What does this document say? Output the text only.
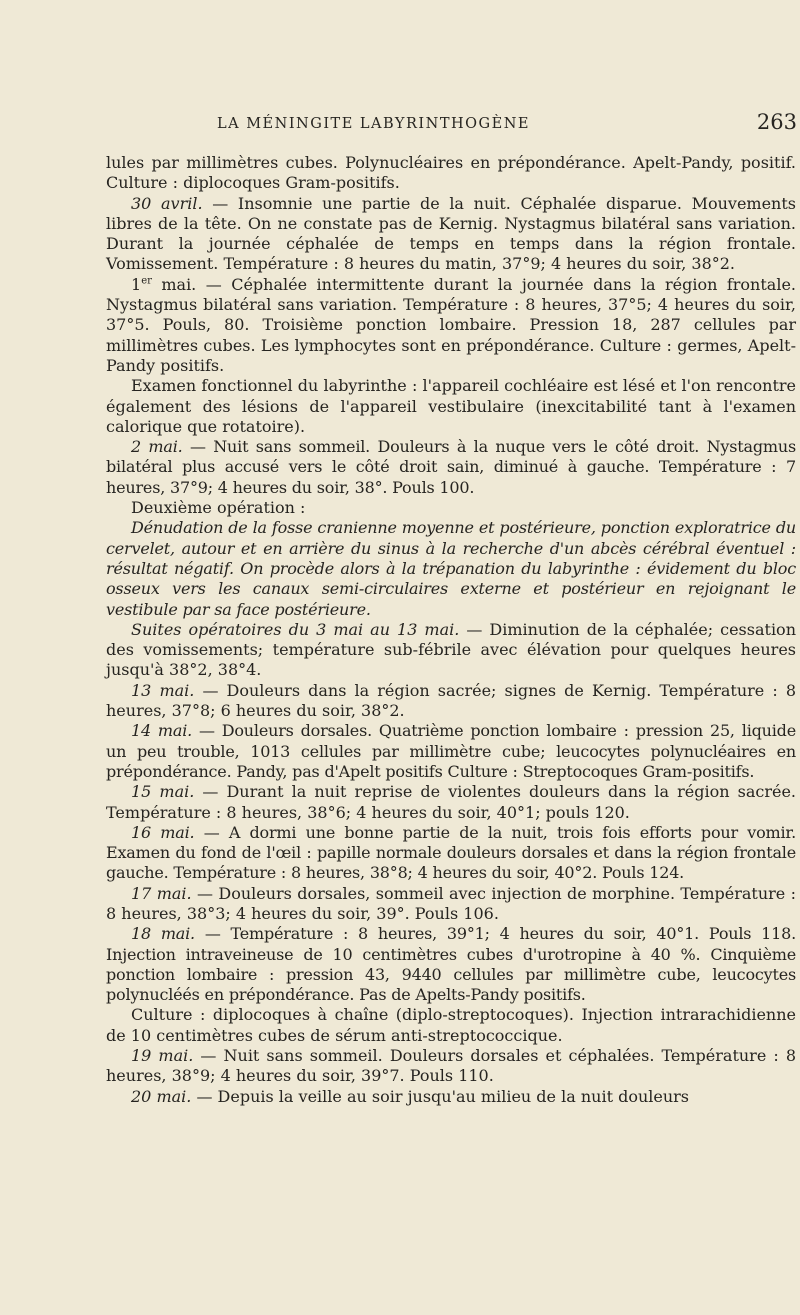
LA MÉNINGITE LABYRINTHOGÈNE	263

lules par millimètres cubes. Polynucléaires en prépondérance. Apelt-Pandy, positif. Culture : diplocoques Gram-positifs.

30 avril. — Insomnie une partie de la nuit. Céphalée disparue. Mouvements libres de la tête. On ne constate pas de Kernig. Nystagmus bilatéral sans variation. Durant la journée céphalée de temps en temps dans la région frontale. Vomissement. Température : 8 heures du matin, 37°9; 4 heures du soir, 38°2.

1er mai. — Céphalée intermittente durant la journée dans la région frontale. Nystagmus bilatéral sans variation. Température : 8 heures, 37°5; 4 heures du soir, 37°5. Pouls, 80. Troisième ponction lombaire. Pression 18, 287 cellules par millimètres cubes. Les lymphocytes sont en prépondérance. Culture : germes, Apelt-Pandy positifs.

Examen fonctionnel du labyrinthe : l'appareil cochléaire est lésé et l'on rencontre également des lésions de l'appareil vestibulaire (inexcitabilité tant à l'examen calorique que rotatoire).

2 mai. — Nuit sans sommeil. Douleurs à la nuque vers le côté droit. Nystagmus bilatéral plus accusé vers le côté droit sain, diminué à gauche. Température : 7 heures, 37°9; 4 heures du soir, 38°. Pouls 100.

Deuxième opération :

Dénudation de la fosse cranienne moyenne et postérieure, ponction exploratrice du cervelet, autour et en arrière du sinus à la recherche d'un abcès cérébral éventuel : résultat négatif. On procède alors à la trépanation du labyrinthe : évidement du bloc osseux vers les canaux semi-circulaires externe et postérieur en rejoignant le vestibule par sa face postérieure.

Suites opératoires du 3 mai au 13 mai. — Diminution de la céphalée; cessation des vomissements; température sub-fébrile avec élévation pour quelques heures jusqu'à 38°2, 38°4.

13 mai. — Douleurs dans la région sacrée; signes de Kernig. Température : 8 heures, 37°8; 6 heures du soir, 38°2.

14 mai. — Douleurs dorsales. Quatrième ponction lombaire : pression 25, liquide un peu trouble, 1013 cellules par millimètre cube; leucocytes polynucléaires en prépondérance. Pandy, pas d'Apelt positifs Culture : Streptocoques Gram-positifs.

15 mai. — Durant la nuit reprise de violentes douleurs dans la région sacrée. Température : 8 heures, 38°6; 4 heures du soir, 40°1; pouls 120.

16 mai. — A dormi une bonne partie de la nuit, trois fois efforts pour vomir. Examen du fond de l'œil : papille normale douleurs dorsales et dans la région frontale gauche. Température : 8 heures, 38°8; 4 heures du soir, 40°2. Pouls 124.

17 mai. — Douleurs dorsales, sommeil avec injection de morphine. Température : 8 heures, 38°3; 4 heures du soir, 39°. Pouls 106.

18 mai. — Température : 8 heures, 39°1; 4 heures du soir, 40°1. Pouls 118. Injection intraveineuse de 10 centimètres cubes d'urotropine à 40 %. Cinquième ponction lombaire : pression 43, 9440 cellules par millimètre cube, leucocytes polynucléés en prépondérance. Pas de Apelts-Pandy positifs.

Culture : diplocoques à chaîne (diplo-streptocoques). Injection intrarachidienne de 10 centimètres cubes de sérum anti-streptococcique.

19 mai. — Nuit sans sommeil. Douleurs dorsales et céphalées. Température : 8 heures, 38°9; 4 heures du soir, 39°7. Pouls 110.

20 mai. — Depuis la veille au soir jusqu'au milieu de la nuit douleurs
